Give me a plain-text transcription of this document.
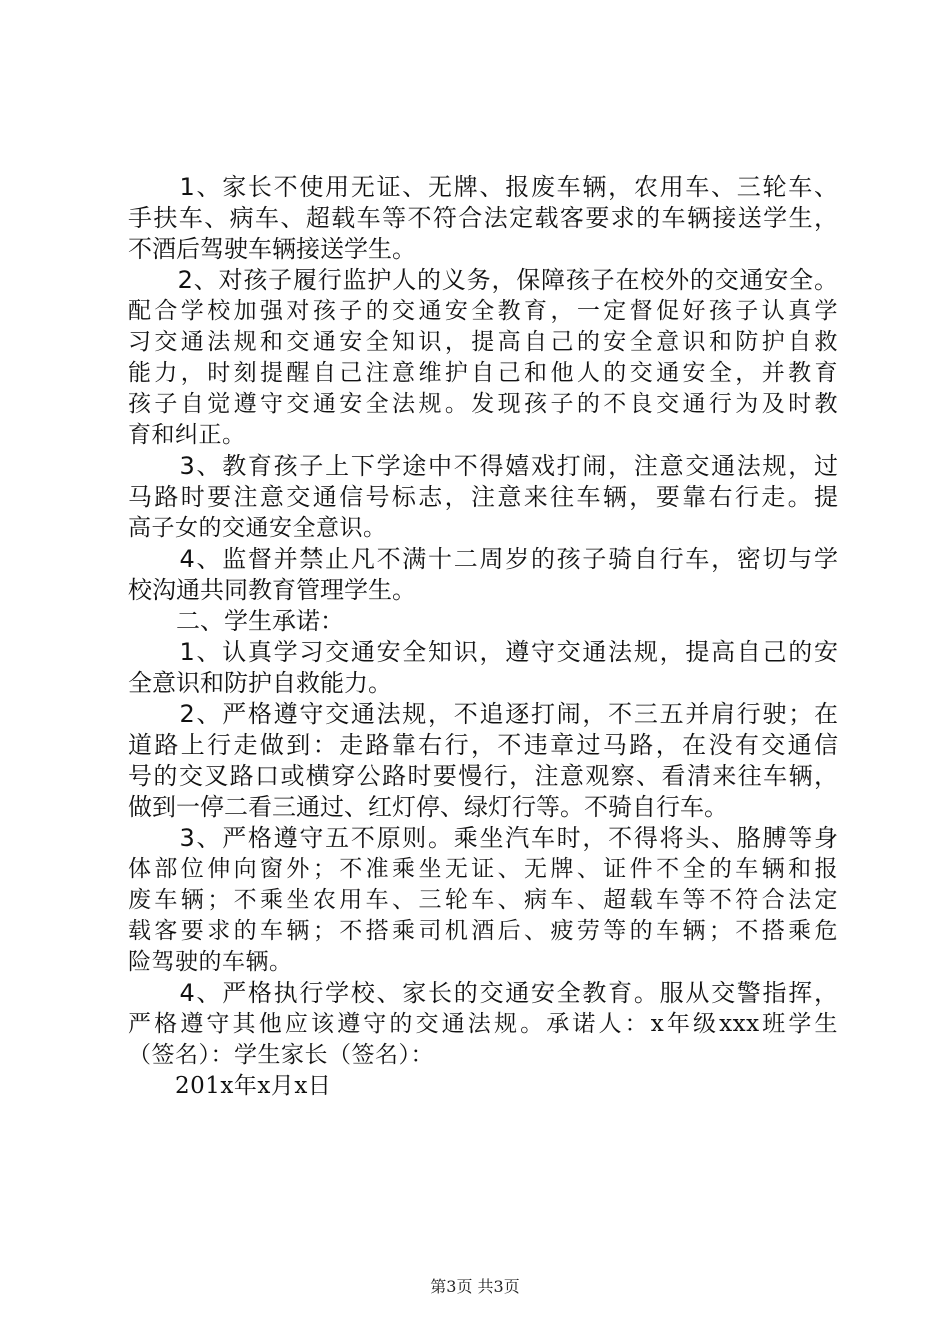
　　1、家长不使用无证、无牌、报废车辆，农用车、三轮车、
手扶车、病车、超载车等不符合法定载客要求的车辆接送学生，
不酒后驾驶车辆接送学生。
　　2、对孩子履行监护人的义务，保障孩子在校外的交通安全。
配合学校加强对孩子的交通安全教育，一定督促好孩子认真学
习交通法规和交通安全知识，提高自己的安全意识和防护自救
能力，时刻提醒自己注意维护自己和他人的交通安全，并教育
孩子自觉遵守交通安全法规。发现孩子的不良交通行为及时教
育和纠正。
　　3、教育孩子上下学途中不得嬉戏打闹，注意交通法规，过
马路时要注意交通信号标志，注意来往车辆，要靠右行走。提
高子女的交通安全意识。
　　4、监督并禁止凡不满十二周岁的孩子骑自行车，密切与学
校沟通共同教育管理学生。
　　二、学生承诺：
　　1、认真学习交通安全知识，遵守交通法规，提高自己的安
全意识和防护自救能力。
　　2、严格遵守交通法规，不追逐打闹，不三五并肩行驶；在
道路上行走做到：走路靠右行，不违章过马路，在没有交通信
号的交叉路口或横穿公路时要慢行，注意观察、看清来往车辆，
做到一停二看三通过、红灯停、绿灯行等。不骑自行车。
　　3、严格遵守五不原则。乘坐汽车时，不得将头、胳膊等身
体部位伸向窗外；不准乘坐无证、无牌、证件不全的车辆和报
废车辆；不乘坐农用车、三轮车、病车、超载车等不符合法定
载客要求的车辆；不搭乘司机酒后、疲劳等的车辆；不搭乘危
险驾驶的车辆。
　　4、严格执行学校、家长的交通安全教育。服从交警指挥，
严格遵守其他应该遵守的交通法规。承诺人：x年级xxx班学生
（签名）：学生家长（签名）：
　　201x年x月x日
第3页 共3页
